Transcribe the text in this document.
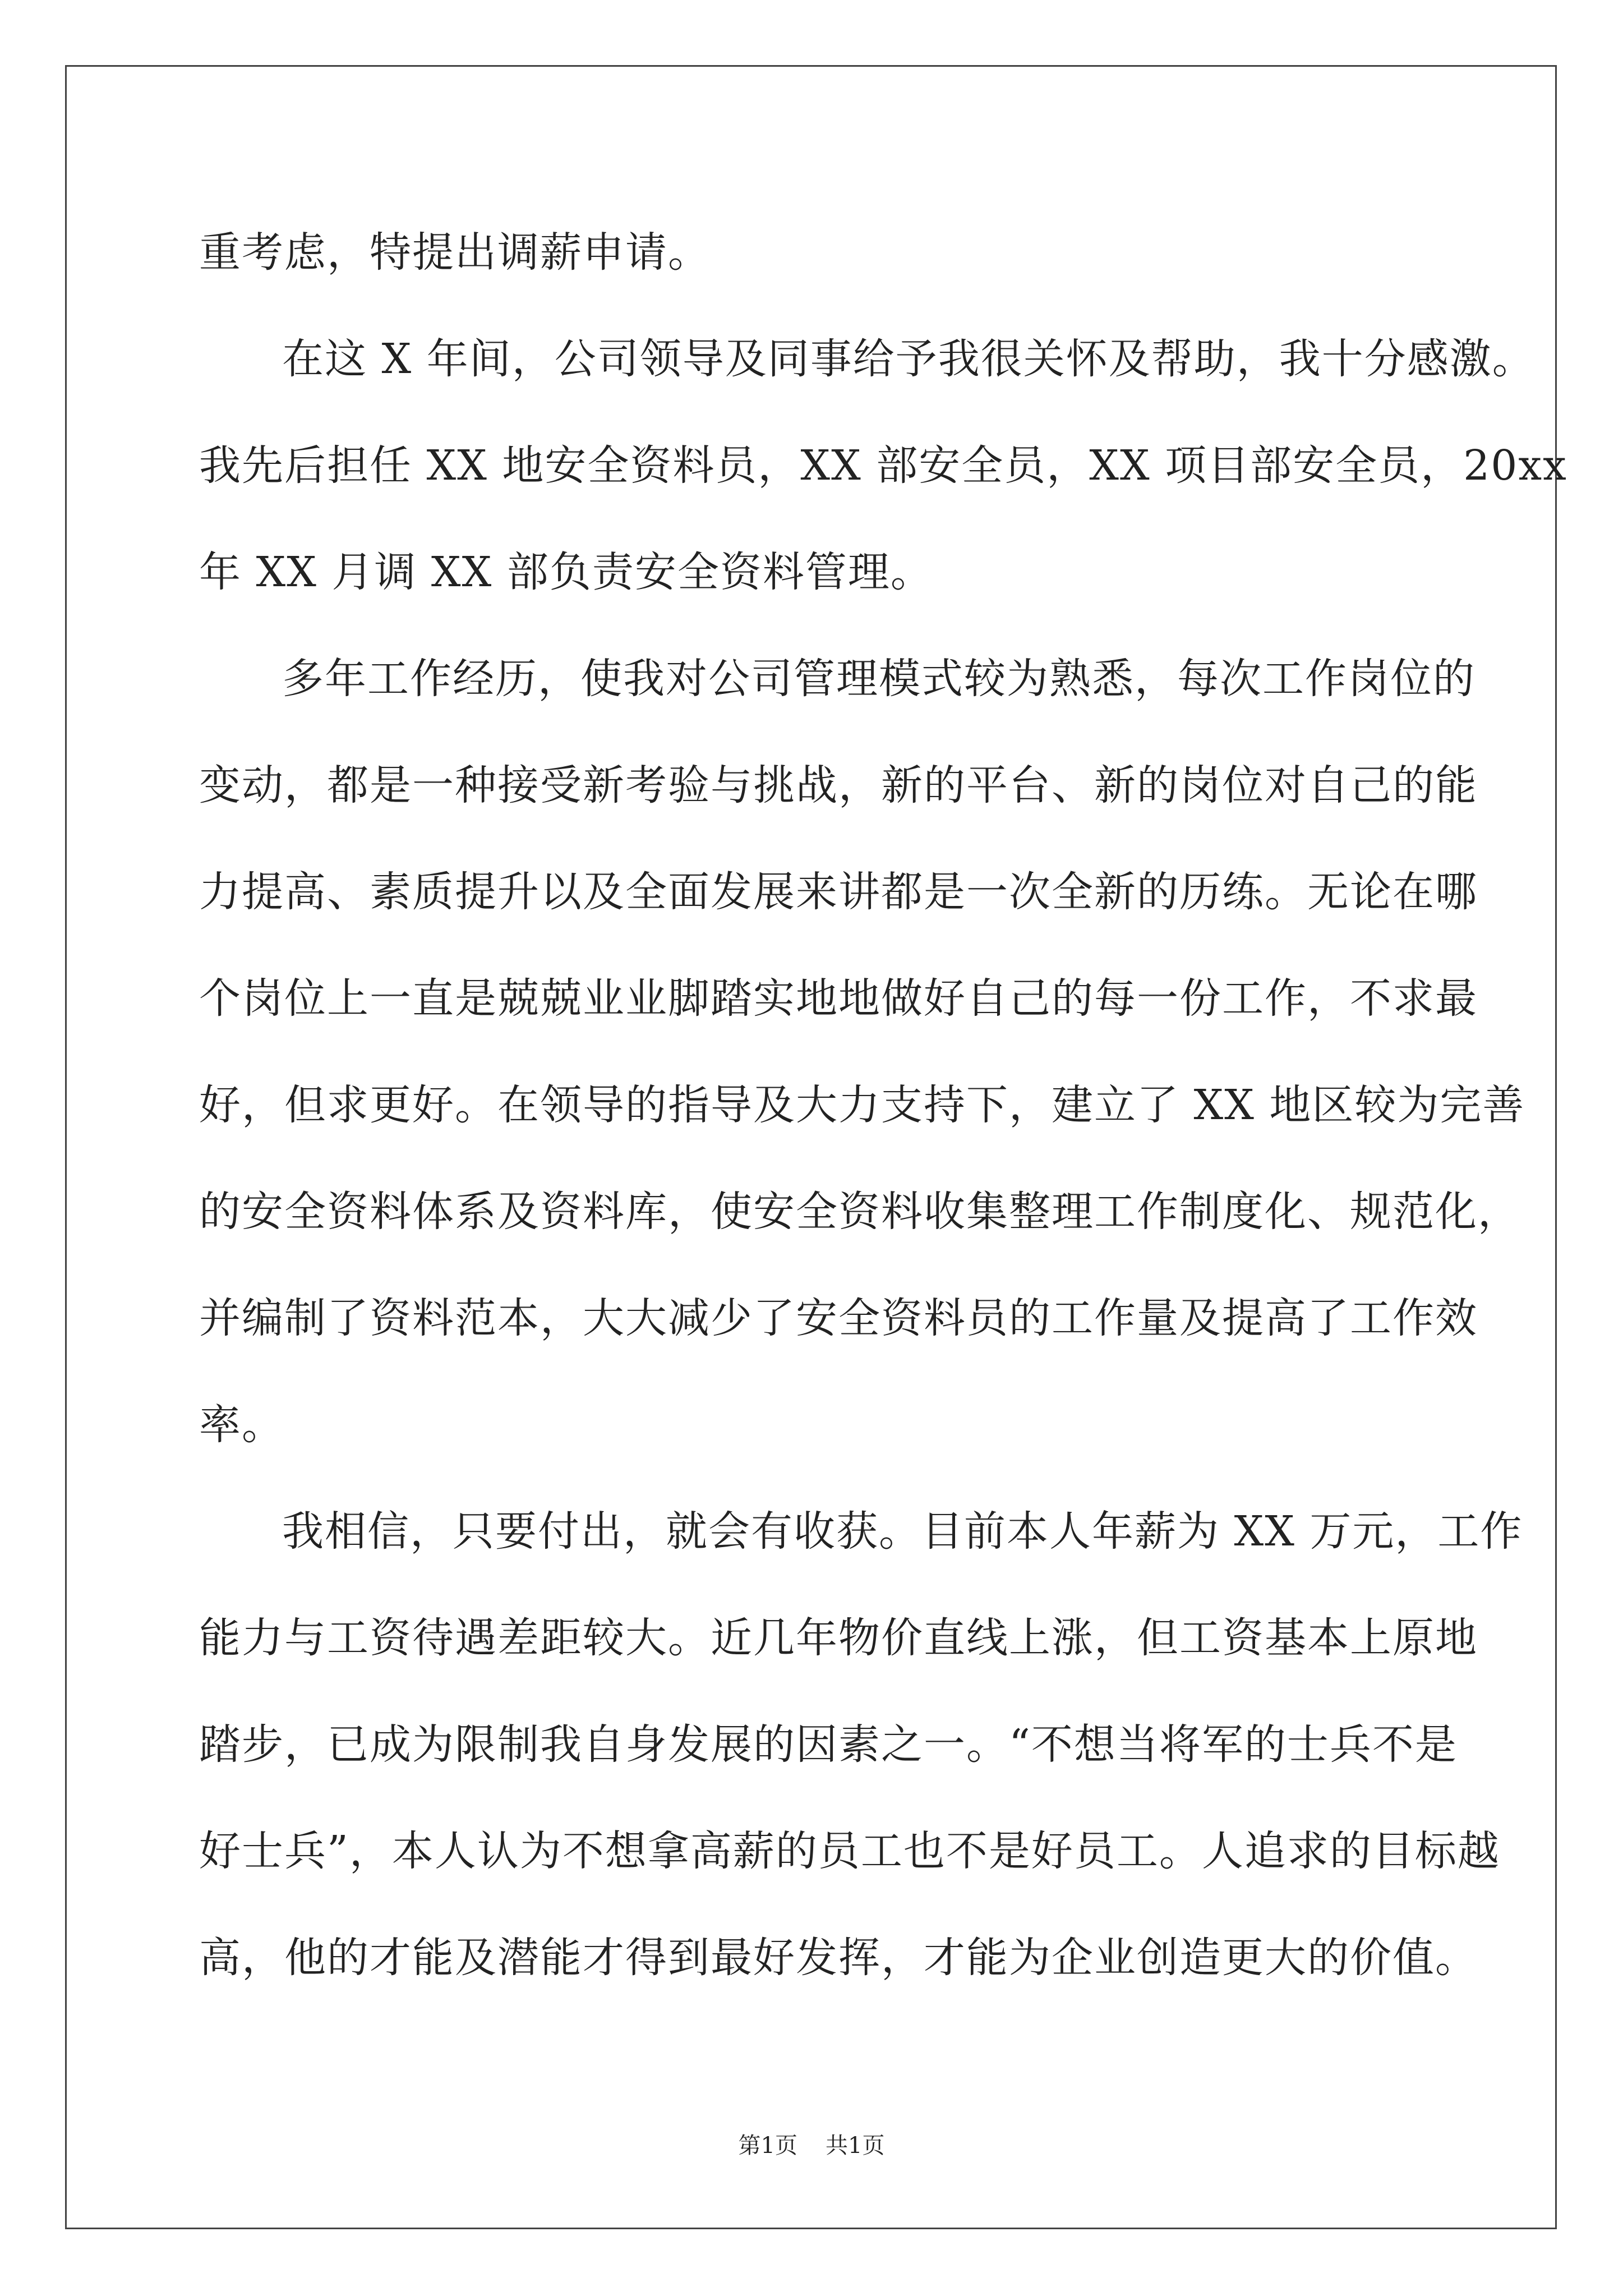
重考虑，特提出调薪申请。
在这 X 年间，公司领导及同事给予我很关怀及帮助，我十分感激。
我先后担任 XX 地安全资料员，XX 部安全员，XX 项目部安全员，20xx
年 XX 月调 XX 部负责安全资料管理。
多年工作经历，使我对公司管理模式较为熟悉，每次工作岗位的
变动，都是一种接受新考验与挑战，新的平台、新的岗位对自己的能
力提高、素质提升以及全面发展来讲都是一次全新的历练。无论在哪
个岗位上一直是兢兢业业脚踏实地地做好自己的每一份工作，不求最
好，但求更好。在领导的指导及大力支持下，建立了 XX 地区较为完善
的安全资料体系及资料库，使安全资料收集整理工作制度化、规范化，
并编制了资料范本，大大减少了安全资料员的工作量及提高了工作效
率。
我相信，只要付出，就会有收获。目前本人年薪为 XX 万元，工作
能力与工资待遇差距较大。近几年物价直线上涨，但工资基本上原地
踏步，已成为限制我自身发展的因素之一。“不想当将军的士兵不是
好士兵”，本人认为不想拿高薪的员工也不是好员工。人追求的目标越
高，他的才能及潜能才得到最好发挥，才能为企业创造更大的价值。
第1页 共1页
